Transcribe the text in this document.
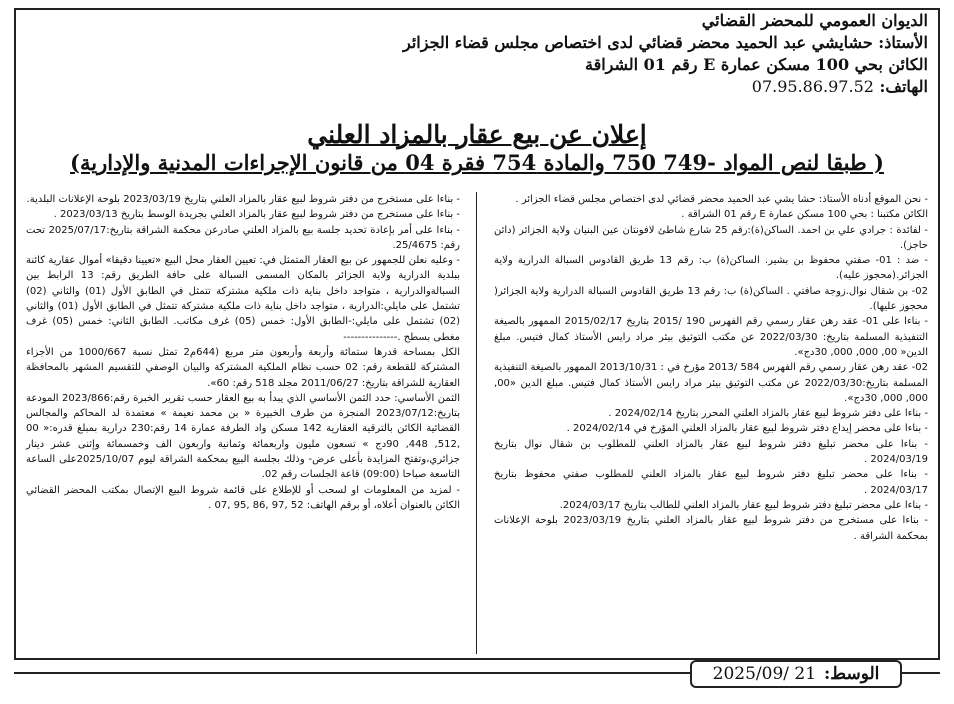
الديوان العمومي للمحضر القضائي
الأستاذ: حشايشي عبد الحميد محضر قضائي لدى اختصاص مجلس قضاء الجزائر
الكائن بحي 100 مسكن عمارة E رقم 01 الشراقة
الهاتف: 07.95.86.97.52
إعلان عن بيع عقار بالمزاد العلني
( طبقا لنص المواد -749 750 والمادة 754 فقرة 04 من قانون الإجراءات المدنية والإدارية)

- نحن الموقع أدناه الأستاذ: حشا يشي عبد الحميد محضر قضائي لدى اختصاص مجلس قضاء الجزائر .

الكائن مكتبنا : بحي 100 مسكن عمارة E رقم 01 الشراقة .

- لفائدة : جرادي علي بن احمد. الساكن(ة):رقم 25 شارع شاطئ لافونتان عين البنيان ولاية الجزائر (دائن حاجز).

- ضد : 01- صفتي محفوظ بن بشير. الساكن(ة) ب: رقم 13 طريق القادوس السبالة الدرارية ولاية الجزائر.(محجوز عليه).

02- بن شقال نوال.زوجة صافتي . الساكن(ة) ب: رقم 13 طريق القادوس السبالة الدرارية ولاية الجزائر( محجوز عليها).

- بناءا على 01- عقد رهن عقار رسمي رقم الفهرس 190 /2015 بتاريخ 2015/02/17 الممهور بالصيغة التنفيذية المسلمة بتاريخ: 2022/03/30 عن مكتب التوثيق بيئر مراد رايس الأستاذ كمال فتيس. مبلغ الدين« 00, 000, 000, 30دج».

02- عقد رهن عقار رسمي رقم الفهرس 584 /2013 مؤرخ في : 2013/10/31 الممهور بالصيغة التنفيذية المسلمة بتاريخ:2022/03/30 عن مكتب التوثيق بيئر مراد رايس الأستاذ كمال فتيس. مبلغ الدين «00, 000, 000, 30دج».

- بناءا على دفتر شروط لبيع عقار بالمزاد العلني المحرر بتاريخ 2024/02/14 .

- بناءا على محضر إيداع دفتر شروط لبيع عقار بالمزاد العلني المؤرخ في 2024/02/14 .

- بناءا على محضر تبليغ دفتر شروط لبيع عقار بالمزاد العلني للمطلوب بن شقال نوال بتاريخ 2024/03/19 .

- بناءا على محضر تبليغ دفتر شروط لبيع عقار بالمزاد العلني للمطلوب صفتي محفوظ بتاريخ 2024/03/17 .

- بناءا على محضر تبليغ دفتر شروط لبيع عقار بالمزاد العلني للطالب بتاريخ 2024/03/17.

- بناءا على مستخرج من دفتر شروط لبيع عقار بالمزاد العلني بتاريخ 2023/03/19 بلوحة الإعلانات بمحكمة الشراقة .

- بناءا على مستخرج من دفتر شروط لبيع عقار بالمزاد العلني بتاريخ 2023/03/19 بلوحة الإعلانات البلدية.

- بناءا على مستخرج من دفتر شروط لبيع عقار بالمزاد العلني بجريدة الوسط بتاريخ 2023/03/13 .

- بناءا على أمر بإعادة تحديد جلسة بيع بالمزاد العلني صادرعن محكمة الشراقة بتاريخ:2025/07/17 تحت رقم: 25/4675.

- وعليه نعلن للجمهور عن بيع العقار المتمثل في: تعيين العقار محل البيع «تعيينا دقيقا» أموال عقارية كائنة ببلدية الدرارية ولاية الجزائر بالمكان المسمى السبالة على حافة الطريق رقم: 13 الرابط بين السبالةوالدرارية ، متواجد داخل بناية ذات ملكية مشتركة تتمثل في الطابق الأول (01) والثاني (02) تشتمل على مايلي:الدرارية ، متواجد داخل بناية ذات ملكية مشتركة تتمثل في الطابق الأول (01) والثاني (02) تشتمل على مايلي:-الطابق الأول: خمس (05) غرف مكاتب. الطابق الثاني: خمس (05) غرف مغطى بسطح .---------------

الكل بمساحة قدرها ستمائة وأربعة وأربعون متر مربع (644م2 تمثل نسبة 1000/667 من الأجزاء المشتركة للقطعة رقم: 02 حسب نظام الملكية المشتركة والبيان الوصفي للتقسيم المشهر بالمحافظة العقارية للشراقة بتاريخ: 2011/06/27 مجلد 518 رقم: 60».

الثمن الأساسي: حدد الثمن الأساسي الذي يبدأ به بيع العقار حسب تقرير الخبرة رقم:2023/866 المودعة بتاريخ:2023/07/12 المنجزة من طرف الخبيرة « بن محمد نعيمة » معتمدة لد المحاكم والمجالس القضائية الكائن بالترقية العقارية 142 مسكن واد الطرفة عمارة 14 رقم:230 درارية بمبلغ قدره:« 00 ,512, 448, 90دج » تسعون مليون واربعمائة وثمانية واربعون الف وخمسمائة وإثنى عشر دينار جزائري،وتفتح المزايدة بأعلى عرض- وذلك بجلسة البيع بمحكمة الشراقة ليوم 2025/10/07على الساعة التاسعة صباحا (09:00) قاعة الجلسات رقم 02.

- لمزيد من المعلومات او لسحب أو للإطلاع على قائمة شروط البيع الإتصال بمكتب المحضر القضائي الكائن بالعنوان أعلاه، أو برقم الهاتف: 52 ,97 ,86 ,95 ,07 .

الوسط:
2025/09/ 21
